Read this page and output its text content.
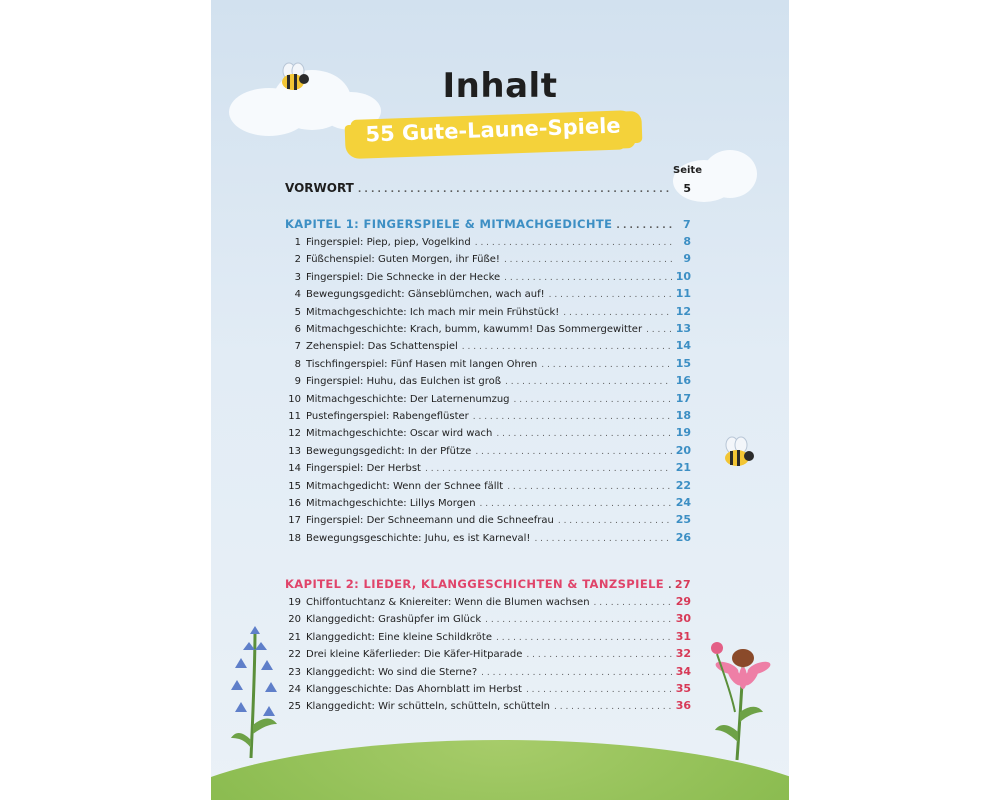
Inhalt
55 Gute-Laune-Spiele
Seite
VORWORT . . .	5
KAPITEL 1: FINGERSPIELE & MITMACHGEDICHTE . . .	7
1 Fingerspiel: Piep, piep, Vogelkind . . .	8
2 Füßchenspiel: Guten Morgen, ihr Füße! . . .	9
3 Fingerspiel: Die Schnecke in der Hecke . . .	10
4 Bewegungsgedicht: Gänseblümchen, wach auf! . . .	11
5 Mitmachgeschichte: Ich mach mir mein Frühstück! . . .	12
6 Mitmachgeschichte: Krach, bumm, kawumm! Das Sommergewitter . . .	13
7 Zehenspiel: Das Schattenspiel . . .	14
8 Tischfingerspiel: Fünf Hasen mit langen Ohren . . .	15
9 Fingerspiel: Huhu, das Eulchen ist groß . . .	16
10 Mitmachgeschichte: Der Laternenumzug . . .	17
11 Pustefingerspiel: Rabengeflüster . . .	18
12 Mitmachgeschichte: Oscar wird wach . . .	19
13 Bewegungsgedicht: In der Pfütze . . .	20
14 Fingerspiel: Der Herbst . . .	21
15 Mitmachgedicht: Wenn der Schnee fällt . . .	22
16 Mitmachgeschichte: Lillys Morgen . . .	24
17 Fingerspiel: Der Schneemann und die Schneefrau . . .	25
18 Bewegungsgeschichte: Juhu, es ist Karneval! . . .	26
KAPITEL 2: LIEDER, KLANGGESCHICHTEN & TANZSPIELE . . . 27
19 Chiffontuchtanz & Kniereiter: Wenn die Blumen wachsen . . .	29
20 Klanggedicht: Grashüpfer im Glück . . .	30
21 Klanggedicht: Eine kleine Schildkröte . . .	31
22 Drei kleine Käferlieder: Die Käfer-Hitparade . . .	32
23 Klanggedicht: Wo sind die Sterne? . . .	34
24 Klanggeschichte: Das Ahornblatt im Herbst . . .	35
25 Klanggedicht: Wir schütteln, schütteln, schütteln . . .	36
